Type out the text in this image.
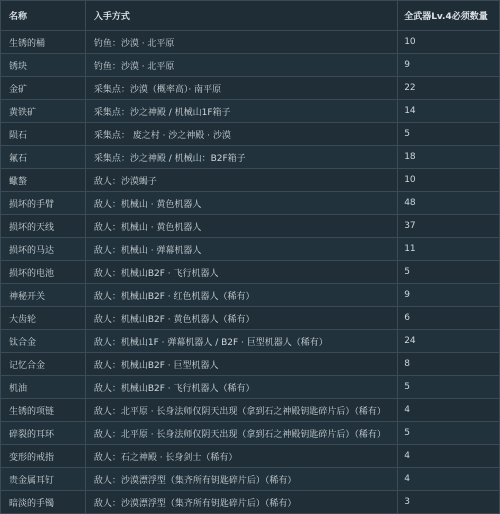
名称	入手方式	全武器Lv.4必须数量
生锈的桶	钓鱼：沙漠 · 北平原	10
锈块	钓鱼：沙漠 · 北平原	9
金矿	采集点：沙漠（概率高）· 南平原	22
黄铁矿	采集点：沙之神殿 / 机械山1F箱子	14
陨石	采集点： 废之村 · 沙之神殿 · 沙漠	5
氟石	采集点：沙之神殿 / 机械山：B2F箱子	18
蠍螯	敌人：沙漠蝎子	10
损坏的手臂	敌人：机械山 · 黄色机器人	48
损坏的天线	敌人：机械山 · 黄色机器人	37
损坏的马达	敌人：机械山 · 弹幕机器人	11
损坏的电池	敌人：机械山B2F · 飞行机器人	5
神秘开关	敌人：机械山B2F · 红色机器人（稀有）	9
大齿轮	敌人：机械山B2F · 黄色机器人（稀有）	6
钛合金	敌人：机械山1F · 弹幕机器人 / B2F · 巨型机器人（稀有）	24
记忆合金	敌人：机械山B2F · 巨型机器人	8
机油	敌人：机械山B2F · 飞行机器人（稀有）	5
生锈的项链	敌人：北平原 · 长身法师仅阴天出现（拿到石之神殿钥匙碎片后）（稀有）	4
碎裂的耳环	敌人：北平原 · 长身法师仅阴天出现（拿到石之神殿钥匙碎片后）（稀有）	5
变形的戒指	敌人：石之神殿 · 长身剑士（稀有）	4
贵金属耳钉	敌人：沙漠漂浮型（集齐所有钥匙碎片后）（稀有）	4
暗淡的手镯	敌人：沙漠漂浮型（集齐所有钥匙碎片后）（稀有）	3
